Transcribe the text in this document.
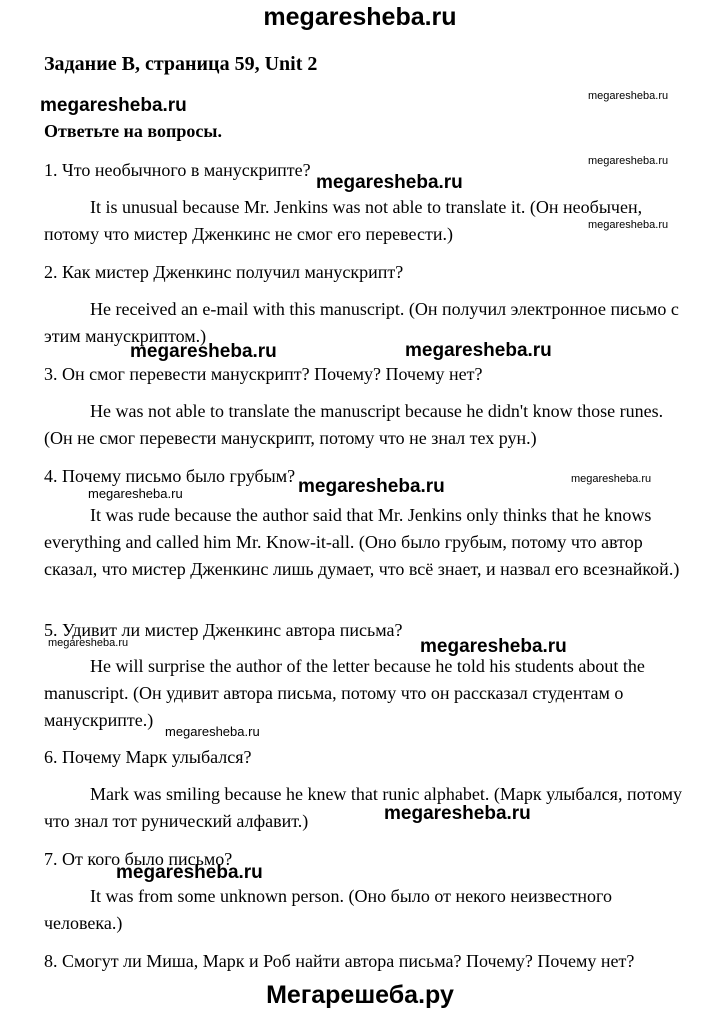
megaresheba.ru
Задание B, страница 59, Unit 2
Ответьте на вопросы.
1. Что необычного в манускрипте?
It is unusual because Mr. Jenkins was not able to translate it. (Он необычен, потому что мистер Дженкинс не смог его перевести.)
2. Как мистер Дженкинс получил манускрипт?
He received an e-mail with this manuscript. (Он получил электронное письмо с этим манускриптом.)
3. Он смог перевести манускрипт? Почему? Почему нет?
He was not able to translate the manuscript because he didn't know those runes. (Он не смог перевести манускрипт, потому что не знал тех рун.)
4. Почему письмо было грубым?
It was rude because the author said that Mr. Jenkins only thinks that he knows everything and called him Mr. Know-it-all. (Оно было грубым, потому что автор сказал, что мистер Дженкинс лишь думает, что всё знает, и назвал его всезнайкой.)
5. Удивит ли мистер Дженкинс автора письма?
He will surprise the author of the letter because he told his students about the manuscript. (Он удивит автора письма, потому что он рассказал студентам о манускрипте.)
6. Почему Марк улыбался?
Mark was smiling because he knew that runic alphabet. (Марк улыбался, потому что знал тот рунический алфавит.)
7. От кого было письмо?
It was from some unknown person. (Оно было от некого неизвестного человека.)
8. Смогут ли Миша, Марк и Роб найти автора письма? Почему? Почему нет?
megaresheba.ru	megaresheba.ru
megaresheba.ru
megaresheba.ru
megaresheba.ru
megaresheba.ru	megaresheba.ru
megaresheba.ru
megaresheba.ru
megaresheba.ru
megaresheba.ru	megaresheba.ru
megaresheba.ru
megaresheba.ru
megaresheba.ru
Мегарешеба.ру
